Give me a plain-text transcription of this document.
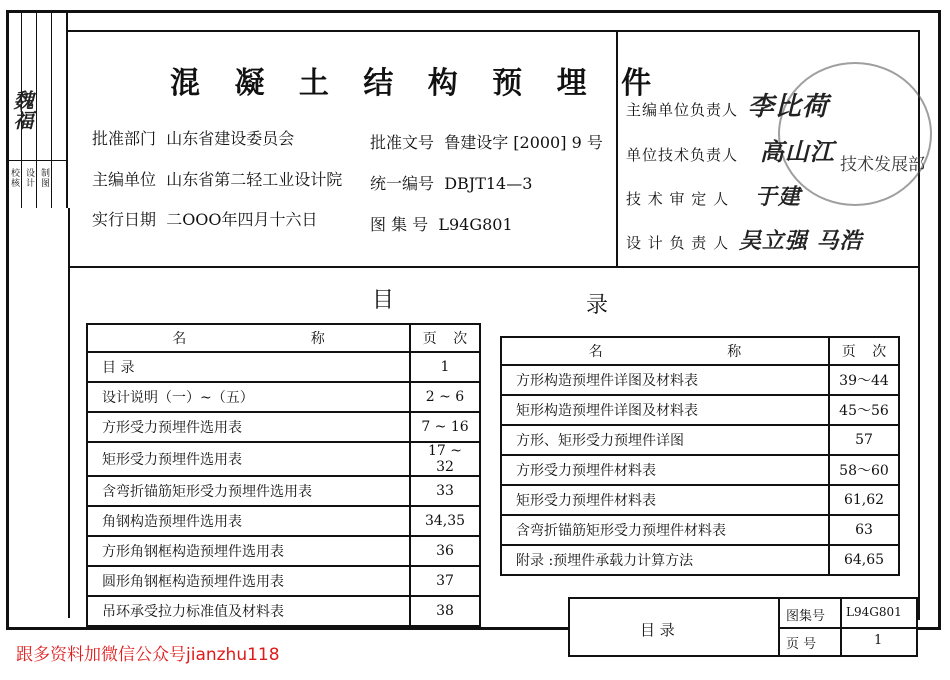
校核 设计 制图
魏福
混 凝 土 结 构 预 埋 件
批准部门 山东省建设委员会
主编单位 山东省第二轻工业设计院
实行日期 二OOO年四月十六日
批准文号 鲁建设字 [2000] 9 号
统一编号 DBJT14—3
图 集 号 L94G801
技术发展部
主编单位负责人 李比荷
单位技术负责人 高山江
技 术 审 定 人 于建
设 计 负 责 人 吴立强 马浩
目	录
名 称	页 次
目 录	1
设计说明（一）~（五）	2 ~ 6
方形受力预埋件选用表	7 ~ 16
矩形受力预埋件选用表	17 ~ 32
含弯折锚筋矩形受力预埋件选用表	33
角钢构造预埋件选用表	34,35
方形角钢框构造预埋件选用表	36
圆形角钢框构造预埋件选用表	37
吊环承受拉力标准值及材料表	38
名 称	页 次
方形构造预埋件详图及材料表	39～44
矩形构造预埋件详图及材料表	45～56
方形、矩形受力预埋件详图	57
方形受力预埋件材料表	58～60
矩形受力预埋件材料表	61,62
含弯折锚筋矩形受力预埋件材料表	63
附录 :预埋件承载力计算方法	64,65
目 录
图集号 L94G801
页 号	1
跟多资料加微信公众号jianzhu118
